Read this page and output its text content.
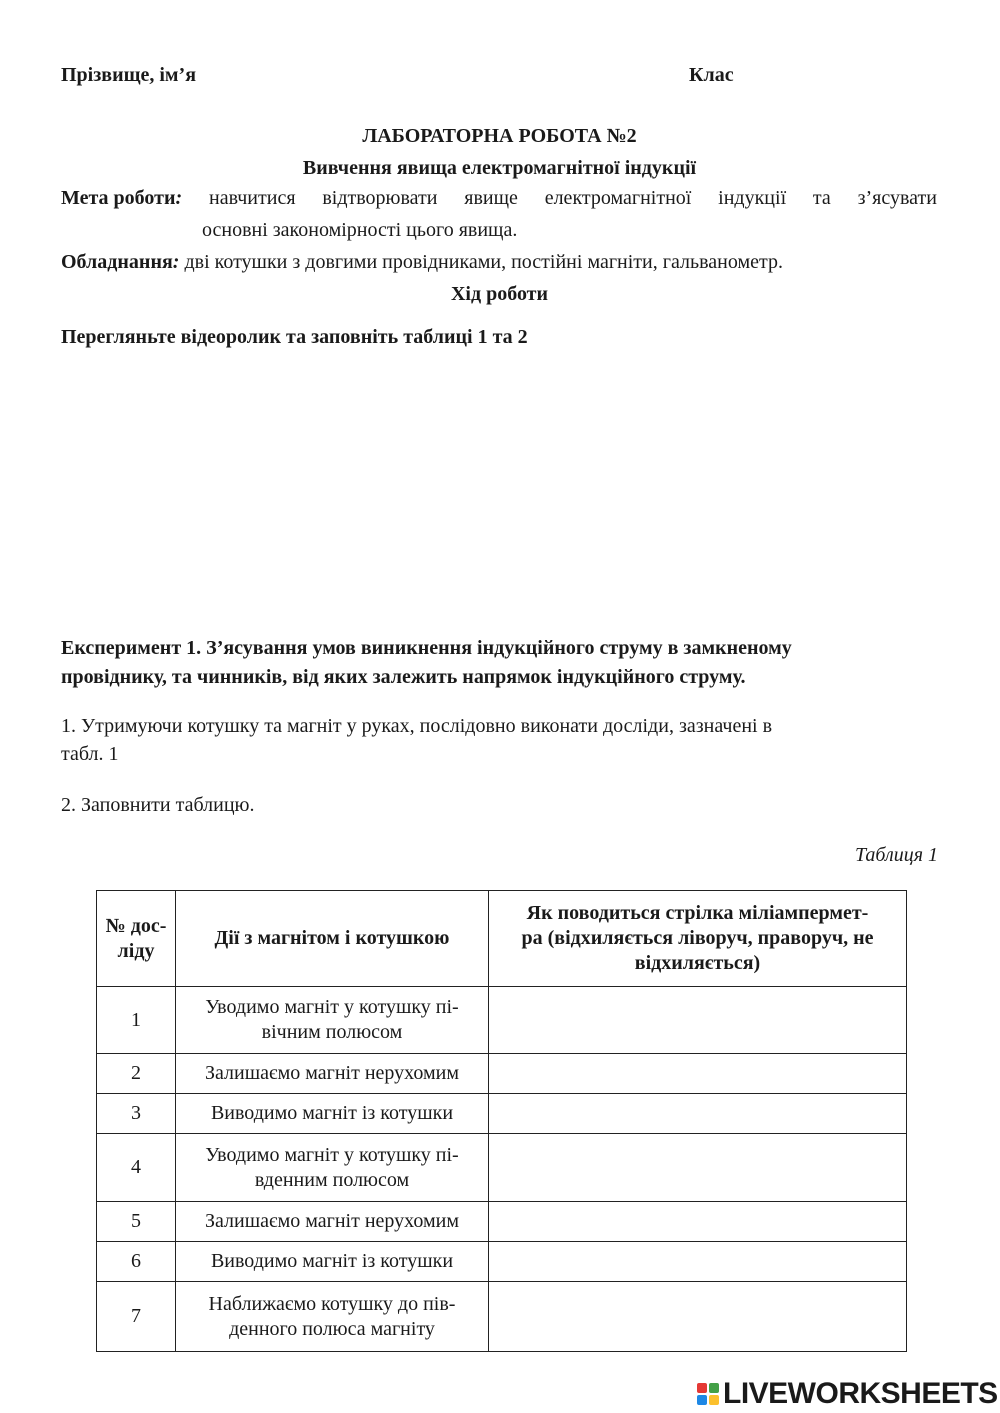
Прізвище, ім’я	Клас
ЛАБОРАТОРНА РОБОТА №2
Вивчення явища електромагнітної індукції
Мета роботи: навчитися відтворювати явище електромагнітної індукції та з’ясувати
основні закономірності цього явища.
Обладнання: дві котушки з довгими провідниками, постійні магніти, гальванометр.
Хід роботи
Перегляньте відеоролик та заповніть таблиці 1 та 2
Експеримент 1. З’ясування умов виникнення індукційного струму в замкненому
провіднику, та чинників, від яких залежить напрямок індукційного струму.
1. Утримуючи котушку та магніт у руках, послідовно виконати досліди, зазначені в
табл. 1
2. Заповнити таблицю.
Таблиця 1
№ дос-
ліду	Дії з магнітом і котушкою	Як поводиться стрілка міліампермет-
ра (відхиляється ліворуч, праворуч, не
відхиляється)

1	Уводимо магніт у котушку пі-
вічним полюсом	

2	Залишаємо магніт нерухомим	

3	Виводимо магніт із котушки	

4	Уводимо магніт у котушку пі-
вденним полюсом	

5	Залишаємо магніт нерухомим	

6	Виводимо магніт із котушки	

7	Наближаємо котушку до пів-
денного полюса магніту	

LIVEWORKSHEETS
